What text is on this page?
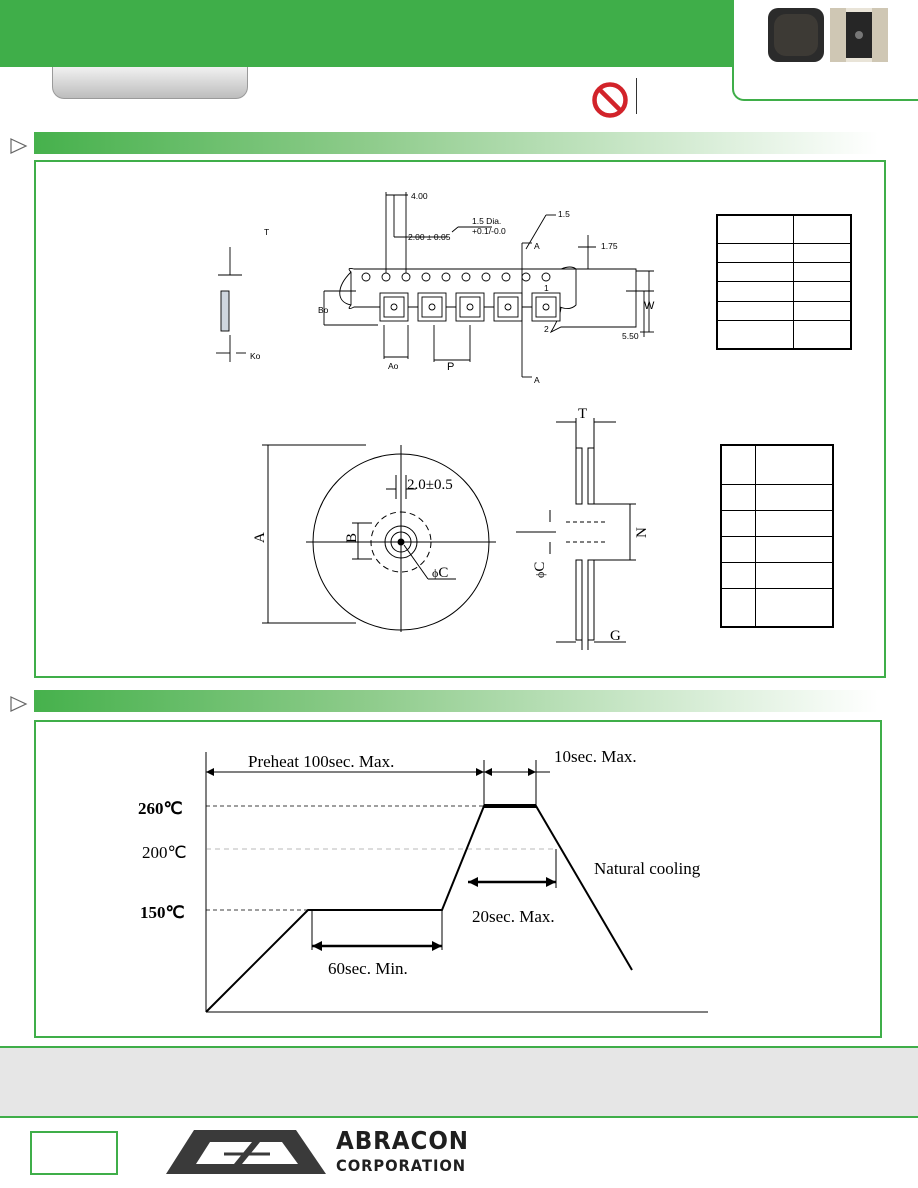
T
Ko
4.00
2.00 ± 0.05
1.5 Dia.
+0.1/-0.0
1.5
A
A
1.75
5.50
1
2
Bo
Ao	P
W

A	B
2.0±0.5
ϕC
T
N
ϕC
G

Preheat 100sec. Max.	10sec. Max.
260℃
200℃
150℃
Natural cooling
20sec. Max.
60sec. Min.
ABRACON
CORPORATION
